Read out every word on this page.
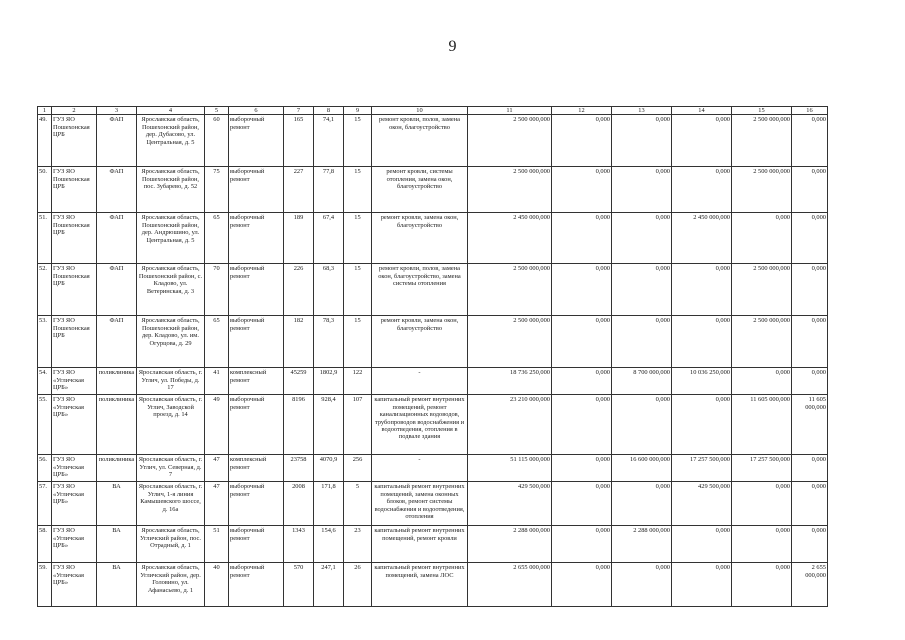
9
1	2	3	4	5	6	7	8	9	10	11	12	13	14	15	16
49.	ГУЗ ЯО Пошехонская ЦРБ	ФАП	Ярославская область, Пошехонский район, дер. Дубасово, ул. Центральная, д. 5	60	выборочный ремонт	165	74,1	15	ремонт кровли, полов, замена окон, благоустройство	2 500 000,000	0,000	0,000	0,000	2 500 000,000	0,000
50.	ГУЗ ЯО Пошехонская ЦРБ	ФАП	Ярославская область, Пошехонский район, пос. Зубарево, д. 52	75	выборочный ремонт	227	77,8	15	ремонт кровли, системы отопления, замена окон, благоустройство	2 500 000,000	0,000	0,000	0,000	2 500 000,000	0,000
51.	ГУЗ ЯО Пошехонская ЦРБ	ФАП	Ярославская область, Пошехонский район, дер. Андрюшино, ул. Центральная, д. 5	65	выборочный ремонт	189	67,4	15	ремонт кровли, замена окон, благоустройство	2 450 000,000	0,000	0,000	2 450 000,000	0,000	0,000
52.	ГУЗ ЯО Пошехонская ЦРБ	ФАП	Ярославская область, Пошехонский район, с. Кладово, ул. Ветеринская, д. 3	70	выборочный ремонт	226	68,3	15	ремонт кровли, полов, замена окон, благоустройство, замена системы отопления	2 500 000,000	0,000	0,000	0,000	2 500 000,000	0,000
53.	ГУЗ ЯО Пошехонская ЦРБ	ФАП	Ярославская область, Пошехонский район, дер. Кладово, ул. им. Огурцова, д. 29	65	выборочный ремонт	182	78,3	15	ремонт кровли, замена окон, благоустройство	2 500 000,000	0,000	0,000	0,000	2 500 000,000	0,000
54.	ГУЗ ЯО «Угличская ЦРБ»	поликлиника	Ярославская область, г. Углич, ул. Победы, д. 17	41	комплексный ремонт	45259	1802,9	122	-	18 736 250,000	0,000	8 700 000,000	10 036 250,000	0,000	0,000
55.	ГУЗ ЯО «Угличская ЦРБ»	поликлиника	Ярославская область, г. Углич, Заводской проезд, д. 14	49	выборочный ремонт	8196	928,4	107	капитальный ремонт внутренних помещений, ремонт канализационных водоводов, трубопроводов водоснабжения и водоотведения, отопления в подвале здания	23 210 000,000	0,000	0,000	0,000	11 605 000,000	11 605 000,000
56.	ГУЗ ЯО «Угличская ЦРБ»	поликлиника	Ярославская область, г. Углич, ул. Северная, д. 7	47	комплексный ремонт	23758	4070,9	256	-	51 115 000,000	0,000	16 600 000,000	17 257 500,000	17 257 500,000	0,000
57.	ГУЗ ЯО «Угличская ЦРБ»	ВА	Ярославская область, г. Углич, 1-я линия Камышевского шоссе, д. 16а	47	выборочный ремонт	2008	171,8	5	капитальный ремонт внутренних помещений, замена оконных блоков, ремонт системы водоснабжения и водоотведения, отопления	429 500,000	0,000	0,000	429 500,000	0,000	0,000
58.	ГУЗ ЯО «Угличская ЦРБ»	ВА	Ярославская область, Угличский район, пос. Отрадный, д. 1	51	выборочный ремонт	1343	154,6	23	капитальный ремонт внутренних помещений, ремонт кровли	2 288 000,000	0,000	2 288 000,000	0,000	0,000	0,000
59.	ГУЗ ЯО «Угличская ЦРБ»	ВА	Ярославская область, Угличский район, дер. Головино, ул. Афанасьево, д. 1	40	выборочный ремонт	570	247,1	26	капитальный ремонт внутренних помещений, замена ЛОС	2 655 000,000	0,000	0,000	0,000	0,000	2 655 000,000
